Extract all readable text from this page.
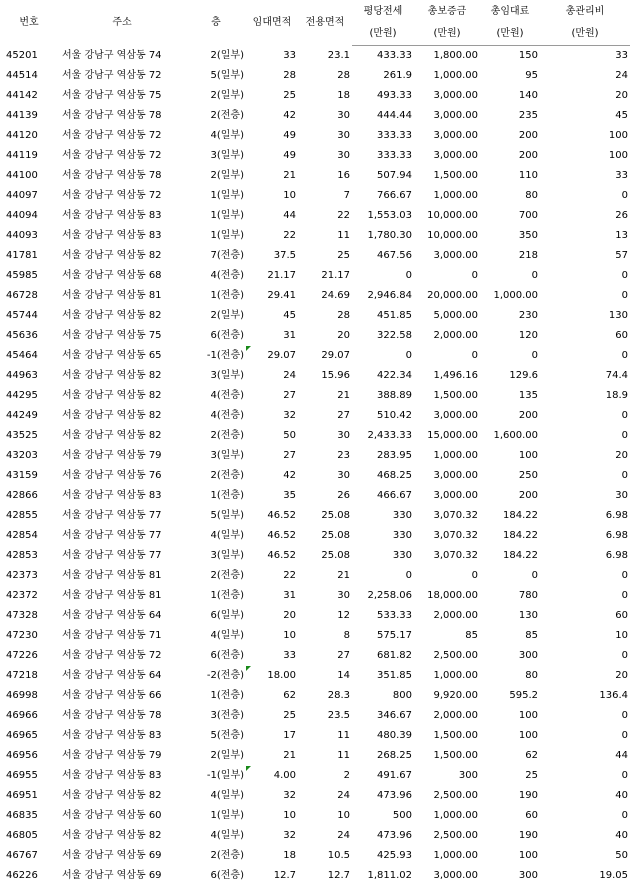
번호	주소	층	임대면적	전용면적	평당전세	총보증금	총임대료	총관리비
					(만원)	(만원)	(만원)	(만원)
45201	서울 강남구 역삼동 74	2(일부)	33	23.1	433.33	1,800.00	150	33
44514	서울 강남구 역삼동 72	5(일부)	28	28	261.9	1,000.00	95	24
44142	서울 강남구 역삼동 75	2(일부)	25	18	493.33	3,000.00	140	20
44139	서울 강남구 역삼동 78	2(전층)	42	30	444.44	3,000.00	235	45
44120	서울 강남구 역삼동 72	4(일부)	49	30	333.33	3,000.00	200	100
44119	서울 강남구 역삼동 72	3(일부)	49	30	333.33	3,000.00	200	100
44100	서울 강남구 역삼동 78	2(일부)	21	16	507.94	1,500.00	110	33
44097	서울 강남구 역삼동 72	1(일부)	10	7	766.67	1,000.00	80	0
44094	서울 강남구 역삼동 83	1(일부)	44	22	1,553.03	10,000.00	700	26
44093	서울 강남구 역삼동 83	1(일부)	22	11	1,780.30	10,000.00	350	13
41781	서울 강남구 역삼동 82	7(전층)	37.5	25	467.56	3,000.00	218	57
45985	서울 강남구 역삼동 68	4(전층)	21.17	21.17	0	0	0	0
46728	서울 강남구 역삼동 81	1(전층)	29.41	24.69	2,946.84	20,000.00	1,000.00	0
45744	서울 강남구 역삼동 82	2(일부)	45	28	451.85	5,000.00	230	130
45636	서울 강남구 역삼동 75	6(전층)	31	20	322.58	2,000.00	120	60
45464	서울 강남구 역삼동 65	-1(전층)	29.07	29.07	0	0	0	0
44963	서울 강남구 역삼동 82	3(일부)	24	15.96	422.34	1,496.16	129.6	74.4
44295	서울 강남구 역삼동 82	4(전층)	27	21	388.89	1,500.00	135	18.9
44249	서울 강남구 역삼동 82	4(전층)	32	27	510.42	3,000.00	200	0
43525	서울 강남구 역삼동 82	2(전층)	50	30	2,433.33	15,000.00	1,600.00	0
43203	서울 강남구 역삼동 79	3(일부)	27	23	283.95	1,000.00	100	20
43159	서울 강남구 역삼동 76	2(전층)	42	30	468.25	3,000.00	250	0
42866	서울 강남구 역삼동 83	1(전층)	35	26	466.67	3,000.00	200	30
42855	서울 강남구 역삼동 77	5(일부)	46.52	25.08	330	3,070.32	184.22	6.98
42854	서울 강남구 역삼동 77	4(일부)	46.52	25.08	330	3,070.32	184.22	6.98
42853	서울 강남구 역삼동 77	3(일부)	46.52	25.08	330	3,070.32	184.22	6.98
42373	서울 강남구 역삼동 81	2(전층)	22	21	0	0	0	0
42372	서울 강남구 역삼동 81	1(전층)	31	30	2,258.06	18,000.00	780	0
47328	서울 강남구 역삼동 64	6(일부)	20	12	533.33	2,000.00	130	60
47230	서울 강남구 역삼동 71	4(일부)	10	8	575.17	85	85	10
47226	서울 강남구 역삼동 72	6(전층)	33	27	681.82	2,500.00	300	0
47218	서울 강남구 역삼동 64	-2(전층)	18.00	14	351.85	1,000.00	80	20
46998	서울 강남구 역삼동 66	1(전층)	62	28.3	800	9,920.00	595.2	136.4
46966	서울 강남구 역삼동 78	3(전층)	25	23.5	346.67	2,000.00	100	0
46965	서울 강남구 역삼동 83	5(전층)	17	11	480.39	1,500.00	100	0
46956	서울 강남구 역삼동 79	2(일부)	21	11	268.25	1,500.00	62	44
46955	서울 강남구 역삼동 83	-1(일부)	4.00	2	491.67	300	25	0
46951	서울 강남구 역삼동 82	4(일부)	32	24	473.96	2,500.00	190	40
46835	서울 강남구 역삼동 60	1(일부)	10	10	500	1,000.00	60	0
46805	서울 강남구 역삼동 82	4(일부)	32	24	473.96	2,500.00	190	40
46767	서울 강남구 역삼동 69	2(전층)	18	10.5	425.93	1,000.00	100	50
46226	서울 강남구 역삼동 69	6(전층)	12.7	12.7	1,811.02	3,000.00	300	19.05
